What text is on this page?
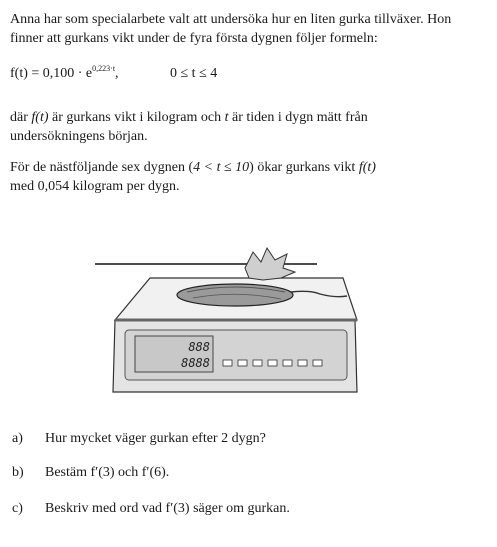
Anna har som specialarbete valt att undersöka hur en liten gurka tillväxer. Hon
finner att gurkans vikt under de fyra första dygnen följer formeln:
$f(t) = 0,100 \cdot e^{0,223\cdot t}$,	0 ≤ t ≤ 4
där f(t) är gurkans vikt i kilogram och t är tiden i dygn mätt från
undersökningens början.
För de nästföljande sex dygnen (4 < t ≤ 10) ökar gurkans vikt f(t)
med 0,054 kilogram per dygn.
888
8888
a) Hur mycket väger gurkan efter 2 dygn?
b) Bestäm f′(3) och f′(6).
c) Beskriv med ord vad f′(3) säger om gurkan.
